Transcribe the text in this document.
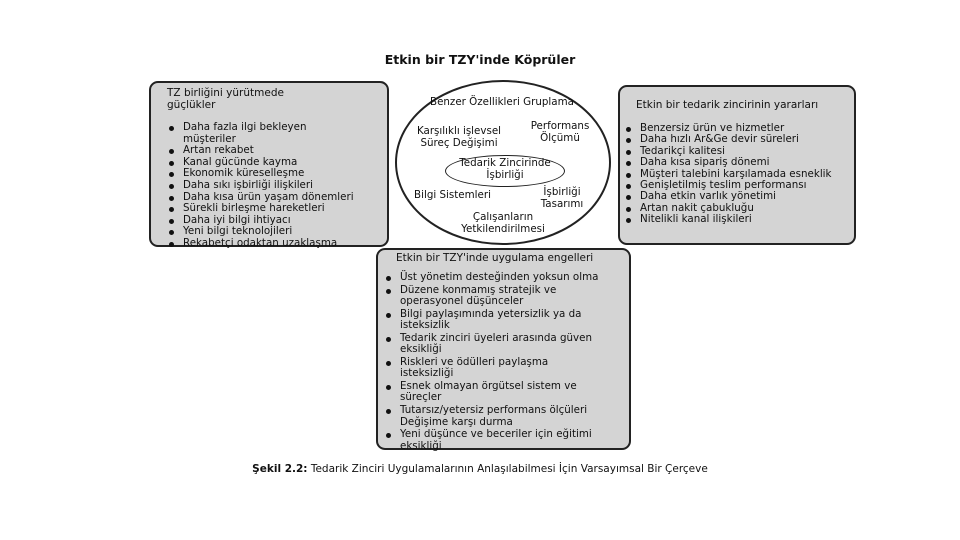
Etkin bir TZY'inde Köprüler
TZ birliğini yürütmede güçlükler
Daha fazla ilgi bekleyen müşteriler
Artan rekabet
Kanal gücünde kayma
Ekonomik küreselleşme
Daha sıkı işbirliği ilişkileri
Daha kısa ürün yaşam dönemleri
Sürekli birleşme hareketleri
Daha iyi bilgi ihtiyacı
Yeni bilgi teknolojileri
Rekabetçi odaktan uzaklaşma
Etkin bir tedarik zincirinin yararları
Benzersiz ürün ve hizmetler
Daha hızlı Ar&Ge devir süreleri
Tedarikçi kalitesi
Daha kısa sipariş dönemi
Müşteri talebini karşılamada esneklik
Genişletilmiş teslim performansı
Daha etkin varlık yönetimi
Artan nakit çabukluğu
Nitelikli kanal ilişkileri
Etkin bir TZY'inde uygulama engelleri
Üst yönetim desteğinden yoksun olma
Düzene konmamış stratejik ve operasyonel düşünceler
Bilgi paylaşımında yetersizlik ya da isteksizlik
Tedarik zinciri üyeleri arasında güven eksikliği
Riskleri ve ödülleri paylaşma isteksizliği
Esnek olmayan örgütsel sistem ve süreçler
Tutarsız/yetersiz performans ölçüleri Değişime karşı durma
Yeni düşünce ve beceriler için eğitimi eksikliği
Benzer Özellikleri Gruplama
Performans Ölçümü
Karşılıklı işlevsel Süreç Değişimi
Tedarik Zincirinde İşbirliği
Bilgi Sistemleri	İşbirliği Tasarımı
Çalışanların Yetkilendirilmesi
Şekil 2.2: Tedarik Zinciri Uygulamalarının Anlaşılabilmesi İçin Varsayımsal Bir Çerçeve
